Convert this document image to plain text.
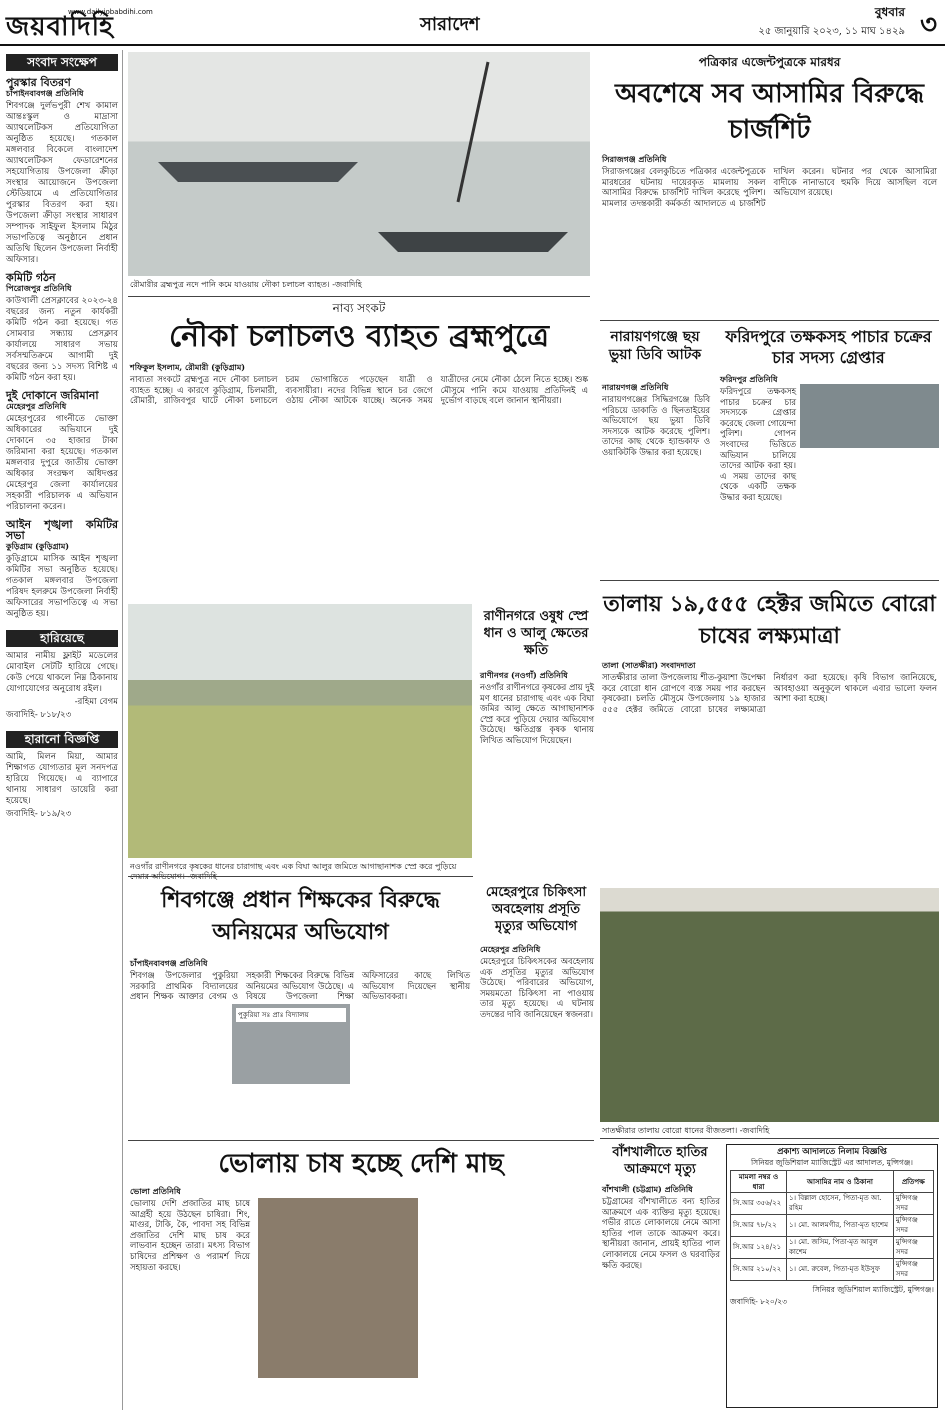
জয়বাদিহি
www.dailyjobabdihi.com
সারাদেশ
বুধবার
২৫ জানুয়ারি ২০২৩, ১১ মাঘ ১৪২৯ ৩
সংবাদ সংক্ষেপ
পুরস্কার বিতরণ
চাঁপাইনবাবগঞ্জ প্রতিনিধি
শিবগঞ্জে দুর্লভপুরী শেখ কামাল আন্তঃস্কুল ও মাদ্রাসা অ্যাথলেটিকস প্রতিযোগিতা অনুষ্ঠিত হয়েছে। গতকাল মঙ্গলবার বিকেলে বাংলাদেশ অ্যাথলেটিকস ফেডারেশনের সহযোগিতায় উপজেলা ক্রীড়া সংস্থার আয়োজনে উপজেলা স্টেডিয়ামে এ প্রতিযোগিতার পুরস্কার বিতরণ করা হয়। উপজেলা ক্রীড়া সংস্থার সাধারণ সম্পাদক সাইফুল ইসলাম মিঠুর সভাপতিত্বে অনুষ্ঠানে প্রধান অতিথি ছিলেন উপজেলা নির্বাহী অফিসার।
কমিটি গঠন
পিরোজপুর প্রতিনিধি
কাউখালী প্রেসক্লাবের ২০২৩-২৪ বছরের জন্য নতুন কার্যকরী কমিটি গঠন করা হয়েছে। গত সোমবার সন্ধ্যায় প্রেসক্লাব কার্যালয়ে সাধারণ সভায় সর্বসম্মতিক্রমে আগামী দুই বছরের জন্য ১১ সদস্য বিশিষ্ট এ কমিটি গঠন করা হয়।
দুই দোকানে জরিমানা
মেহেরপুর প্রতিনিধি
মেহেরপুরের গাংনীতে ভোক্তা অধিকারের অভিযানে দুই দোকানে ৩৫ হাজার টাকা জরিমানা করা হয়েছে। গতকাল মঙ্গলবার দুপুরে জাতীয় ভোক্তা অধিকার সংরক্ষণ অধিদপ্তর মেহেরপুর জেলা কার্যালয়ের সহকারী পরিচালক এ অভিযান পরিচালনা করেন।
আইন শৃঙ্খলা কমিটির সভা
কুড়িগ্রাম (কুড়িগ্রাম)
কুড়িগ্রামে মাসিক আইন শৃঙ্খলা কমিটির সভা অনুষ্ঠিত হয়েছে। গতকাল মঙ্গলবার উপজেলা পরিষদ হলরুমে উপজেলা নির্বাহী অফিসারের সভাপতিত্বে এ সভা অনুষ্ঠিত হয়।
হারিয়েছে
আমার নামীয় ফ্লাইট মডেলের মোবাইল সেটটি হারিয়ে গেছে। কেউ পেয়ে থাকলে নিম্ন ঠিকানায় যোগাযোগের অনুরোধ রইল।
-রহিমা বেগম
জবাদিহি- ৮১৮/২৩
হারানো বিজ্ঞপ্তি
আমি, মিলন মিয়া, আমার শিক্ষাগত যোগ্যতার মূল সনদপত্র হারিয়ে গিয়েছে। এ ব্যাপারে থানায় সাধারণ ডায়েরি করা হয়েছে।
জবাদিহি- ৮১৯/২৩
রৌমারীর ব্রহ্মপুত্র নদে পানি কমে যাওয়ায় নৌকা চলাচল ব্যাহত। -জবাদিহি
নাব্য সংকট
নৌকা চলাচলও ব্যাহত ব্রহ্মপুত্রে
শফিকুল ইসলাম, রৌমারী (কুড়িগ্রাম)
নাব্যতা সংকটে ব্রহ্মপুত্র নদে নৌকা চলাচল ব্যাহত হচ্ছে। এ কারণে কুড়িগ্রাম, চিলমারী, রৌমারী, রাজিবপুর ঘাটে নৌকা চলাচলে চরম ভোগান্তিতে পড়েছেন যাত্রী ও ব্যবসায়ীরা। নদের বিভিন্ন স্থানে চর জেগে ওঠায় নৌকা আটকে যাচ্ছে। অনেক সময় যাত্রীদের নেমে নৌকা ঠেলে নিতে হচ্ছে। শুষ্ক মৌসুমে পানি কমে যাওয়ায় প্রতিদিনই এ দুর্ভোগ বাড়ছে বলে জানান স্থানীয়রা।
পত্রিকার এজেন্টপুত্রকে মারধর
অবশেষে সব আসামির বিরুদ্ধে চার্জশিট
সিরাজগঞ্জ প্রতিনিধি
সিরাজগঞ্জের বেলকুচিতে পত্রিকার এজেন্টপুত্রকে মারধরের ঘটনায় দায়েরকৃত মামলায় সকল আসামির বিরুদ্ধে চার্জশিট দাখিল করেছে পুলিশ। মামলার তদন্তকারী কর্মকর্তা আদালতে এ চার্জশিট দাখিল করেন। ঘটনার পর থেকে আসামিরা বাদীকে নানাভাবে হুমকি দিয়ে আসছিল বলে অভিযোগ রয়েছে।
নারায়ণগঞ্জে ছয় ভুয়া ডিবি আটক
নারায়ণগঞ্জ প্রতিনিধি
নারায়ণগঞ্জের সিদ্ধিরগঞ্জে ডিবি পরিচয়ে ডাকাতি ও ছিনতাইয়ের অভিযোগে ছয় ভুয়া ডিবি সদস্যকে আটক করেছে পুলিশ। তাদের কাছ থেকে হ্যান্ডকাফ ও ওয়াকিটকি উদ্ধার করা হয়েছে।
ফরিদপুরে তক্ষকসহ পাচার চক্রের চার সদস্য গ্রেপ্তার
ফরিদপুর প্রতিনিধি
ফরিদপুরে তক্ষকসহ পাচার চক্রের চার সদস্যকে গ্রেপ্তার করেছে জেলা গোয়েন্দা পুলিশ। গোপন সংবাদের ভিত্তিতে অভিযান চালিয়ে তাদের আটক করা হয়। এ সময় তাদের কাছ থেকে একটি তক্ষক উদ্ধার করা হয়েছে।
নওগাঁর রাণীনগরে কৃষকের ধানের চারাগাছ এবং এক বিঘা আলুর জমিতে আগাছানাশক স্প্রে করে পুড়িয়ে
রাণীনগরে ওষুধ স্প্রে ধান ও আলু ক্ষেতের ক্ষতি
রাণীনগর (নওগাঁ) প্রতিনিধি
নওগাঁর রাণীনগরে কৃষকের প্রায় দুই মণ ধানের চারাগাছ এবং এক বিঘা জমির আলু ক্ষেতে আগাছানাশক স্প্রে করে পুড়িয়ে দেয়ার অভিযোগ উঠেছে। ক্ষতিগ্রস্ত কৃষক থানায় লিখিত অভিযোগ দিয়েছেন।
তালায় ১৯,৫৫৫ হেক্টর জমিতে বোরো চাষের লক্ষ্যমাত্রা
তালা (সাতক্ষীরা) সংবাদদাতা
সাতক্ষীরার তালা উপজেলায় শীত-কুয়াশা উপেক্ষা করে বোরো ধান রোপণে ব্যস্ত সময় পার করছেন কৃষকেরা। চলতি মৌসুমে উপজেলায় ১৯ হাজার ৫৫৫ হেক্টর জমিতে বোরো চাষের লক্ষ্যমাত্রা নির্ধারণ করা হয়েছে। কৃষি বিভাগ জানিয়েছে, আবহাওয়া অনুকূলে থাকলে এবার ভালো ফলন আশা করা হচ্ছে।
সাতক্ষীরার তালায় বোরো ধানের বীজতলা। -জবাদিহি
শিবগঞ্জে প্রধান শিক্ষকের বিরুদ্ধে অনিয়মের অভিযোগ
চাঁপাইনবাবগঞ্জ প্রতিনিধি
শিবগঞ্জ উপজেলার পুকুরিয়া সরকারি প্রাথমিক বিদ্যালয়ের প্রধান শিক্ষক আক্তার বেগম ও সহকারী শিক্ষকের বিরুদ্ধে বিভিন্ন অনিয়মের অভিযোগ উঠেছে। এ বিষয়ে উপজেলা শিক্ষা অফিসারের কাছে লিখিত অভিযোগ দিয়েছেন স্থানীয় অভিভাবকরা।
পুকুরিয়া সঃ প্রাঃ বিদ্যালয়
মেহেরপুরে চিকিৎসা অবহেলায় প্রসূতি মৃত্যুর অভিযোগ
মেহেরপুর প্রতিনিধি
মেহেরপুরে চিকিৎসকের অবহেলায় এক প্রসূতির মৃত্যুর অভিযোগ উঠেছে। পরিবারের অভিযোগ, সময়মতো চিকিৎসা না পাওয়ায় তার মৃত্যু হয়েছে। এ ঘটনায় তদন্তের দাবি জানিয়েছেন স্বজনরা।
ভোলায় চাষ হচ্ছে দেশি মাছ
ভোলা প্রতিনিধি
ভোলায় দেশি প্রজাতির মাছ চাষে আগ্রহী হয়ে উঠছেন চাষিরা। শিং, মাগুর, টাকি, কৈ, পাবদা সহ বিভিন্ন প্রজাতির দেশি মাছ চাষ করে লাভবান হচ্ছেন তারা। মৎস্য বিভাগ চাষিদের প্রশিক্ষণ ও পরামর্শ দিয়ে সহায়তা করছে।
বাঁশখালীতে হাতির আক্রমণে মৃত্যু
বাঁশখালী (চট্টগ্রাম) প্রতিনিধি
চট্টগ্রামের বাঁশখালীতে বন্য হাতির আক্রমণে এক ব্যক্তির মৃত্যু হয়েছে। গভীর রাতে লোকালয়ে নেমে আসা হাতির পাল তাকে আক্রমণ করে। স্থানীয়রা জানান, প্রায়ই হাতির পাল লোকালয়ে নেমে ফসল ও ঘরবাড়ির ক্ষতি করছে।
প্রকাশ্য আদালতে নিলাম বিজ্ঞপ্তি
সিনিয়র জুডিশিয়াল ম্যাজিস্ট্রেট এর আদালত, মুন্সিগঞ্জ।
মামলা নম্বর ও ধারা	আসামির নাম ও ঠিকানা	প্রতিপক্ষ
সি.আর ৩৫৬/২২	১। বিল্লাল হোসেন, পিতা-মৃত আ. রহিম	মুন্সিগঞ্জ সদর
সি.আর ৭৮/২২	১। মো. আলমগীর, পিতা-মৃত হাশেম	মুন্সিগঞ্জ সদর
সি.আর ১২৪/২১	১। মো. জসিম, পিতা-মৃত আবুল কাশেম	মুন্সিগঞ্জ সদর
সি.আর ২১০/২২	১। মো. রুবেল, পিতা-মৃত ইউসুফ	মুন্সিগঞ্জ সদর
সিনিয়র জুডিশিয়াল ম্যাজিস্ট্রেট, মুন্সিগঞ্জ।
জবাদিহি- ৮২০/২৩
